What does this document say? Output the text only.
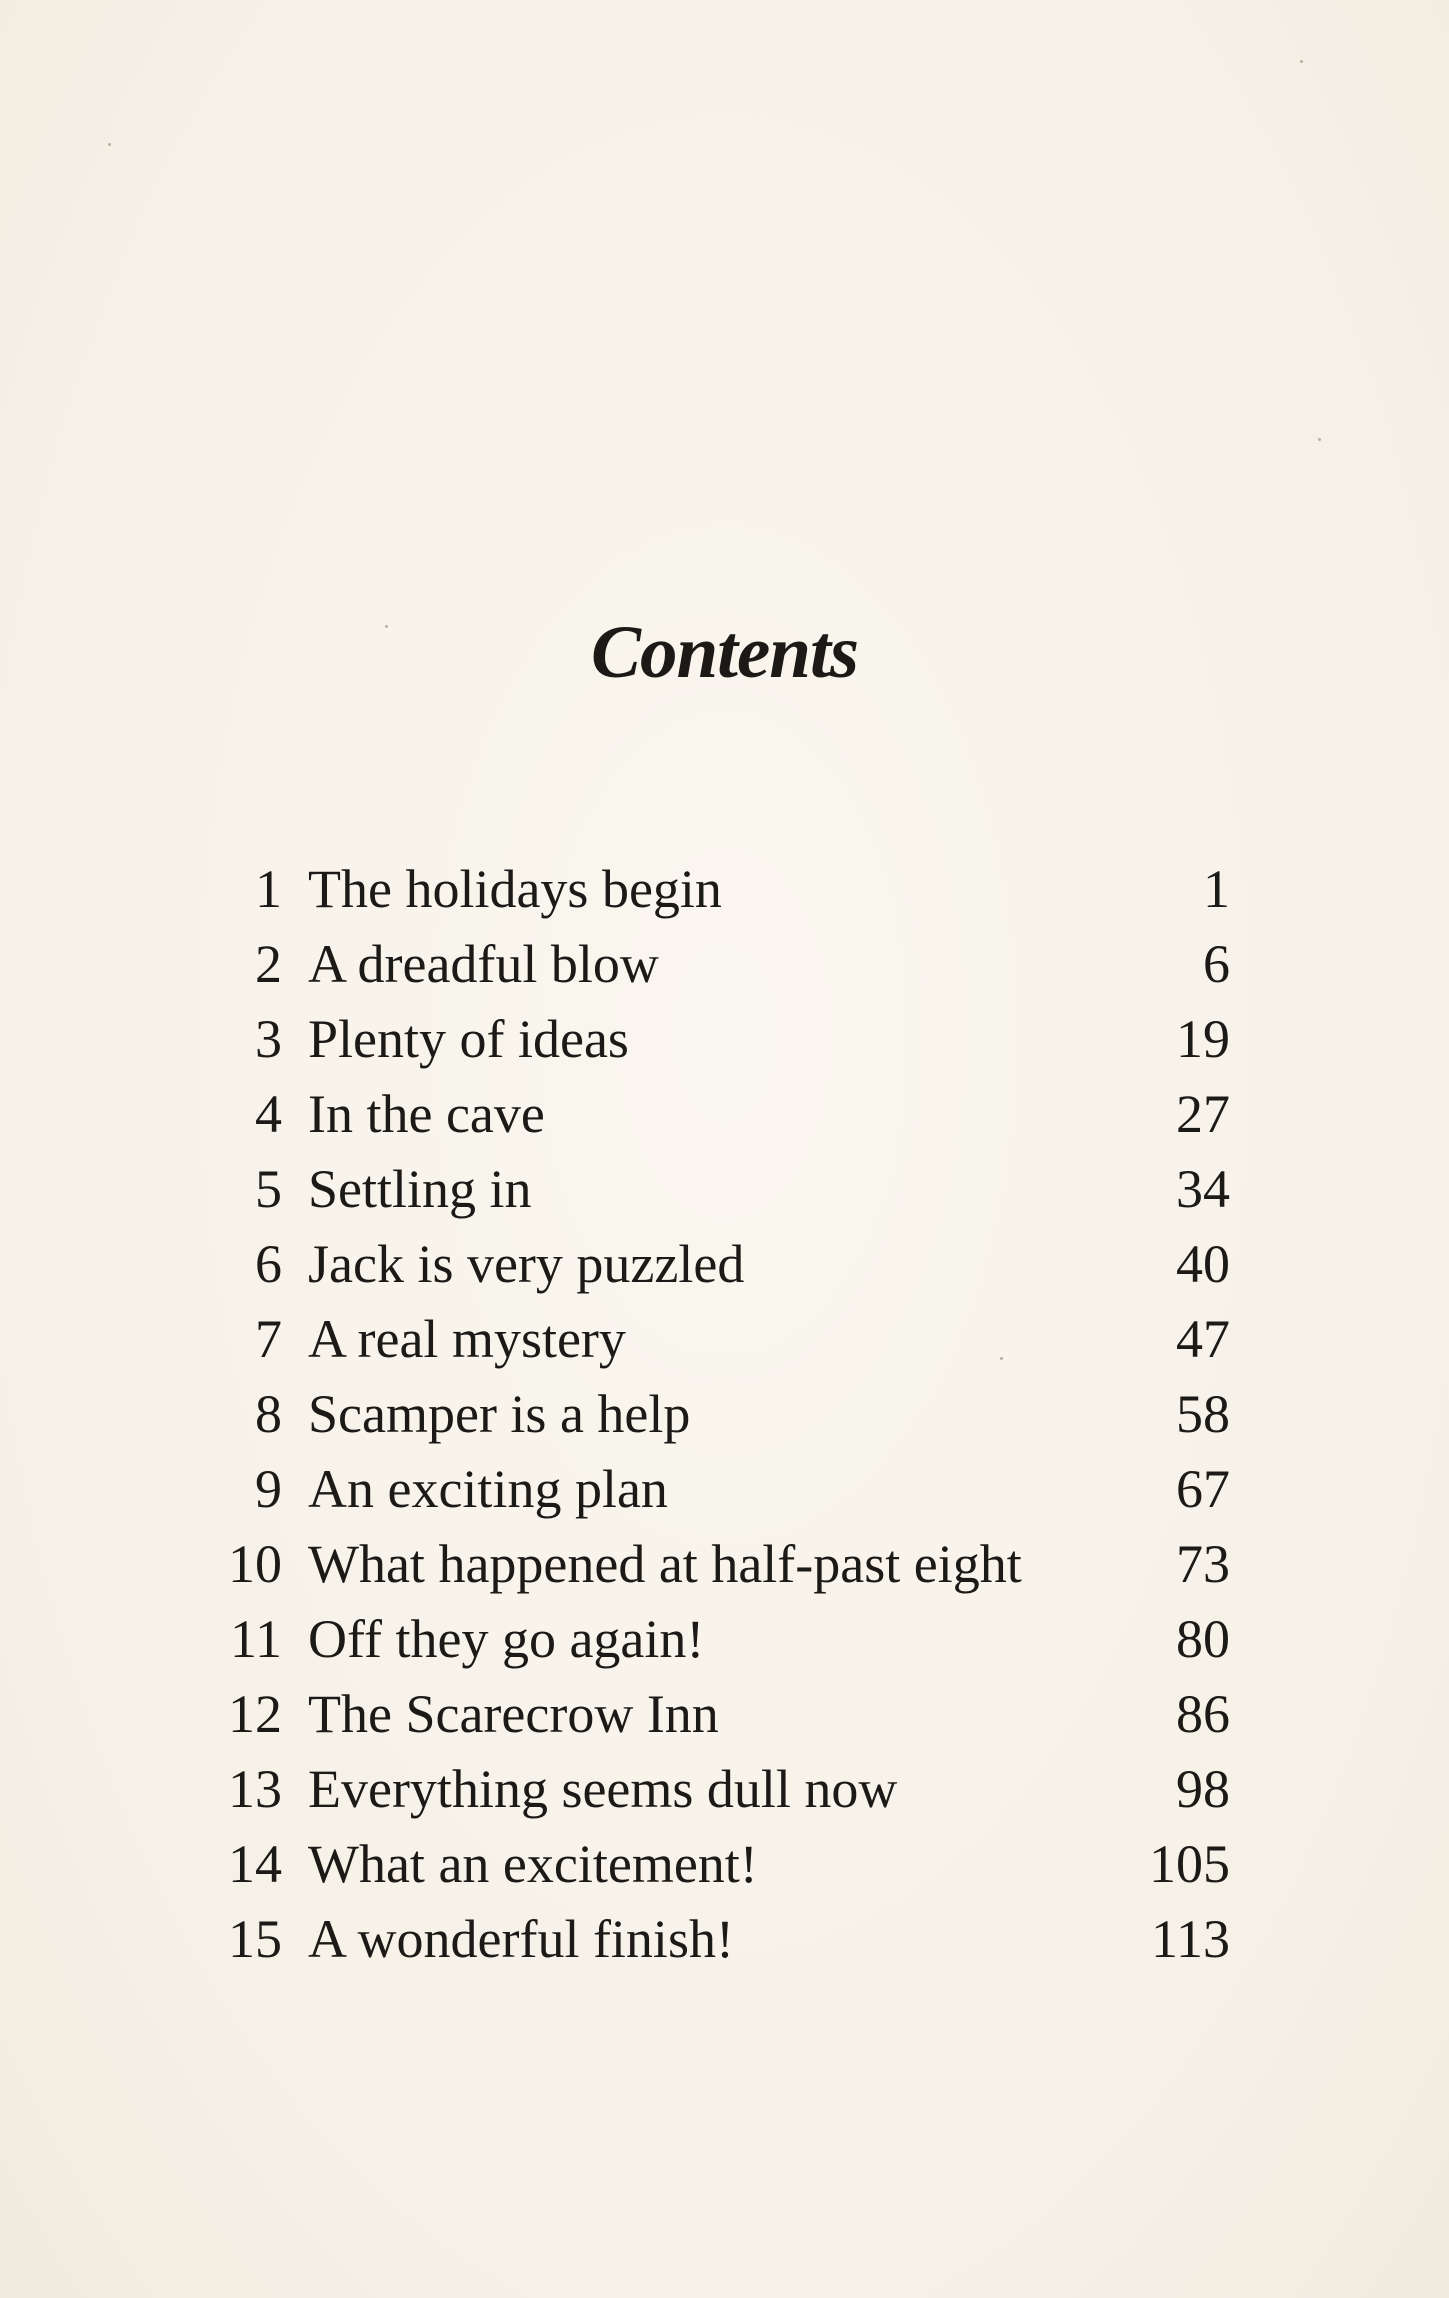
Contents
1 The holidays begin	1
2 A dreadful blow	6
3 Plenty of ideas	19
4 In the cave	27
5 Settling in	34
6 Jack is very puzzled	40
7 A real mystery	47
8 Scamper is a help	58
9 An exciting plan	67
10 What happened at half-past eight	73
11 Off they go again!	80
12 The Scarecrow Inn	86
13 Everything seems dull now	98
14 What an excitement!	105
15 A wonderful finish!	113
